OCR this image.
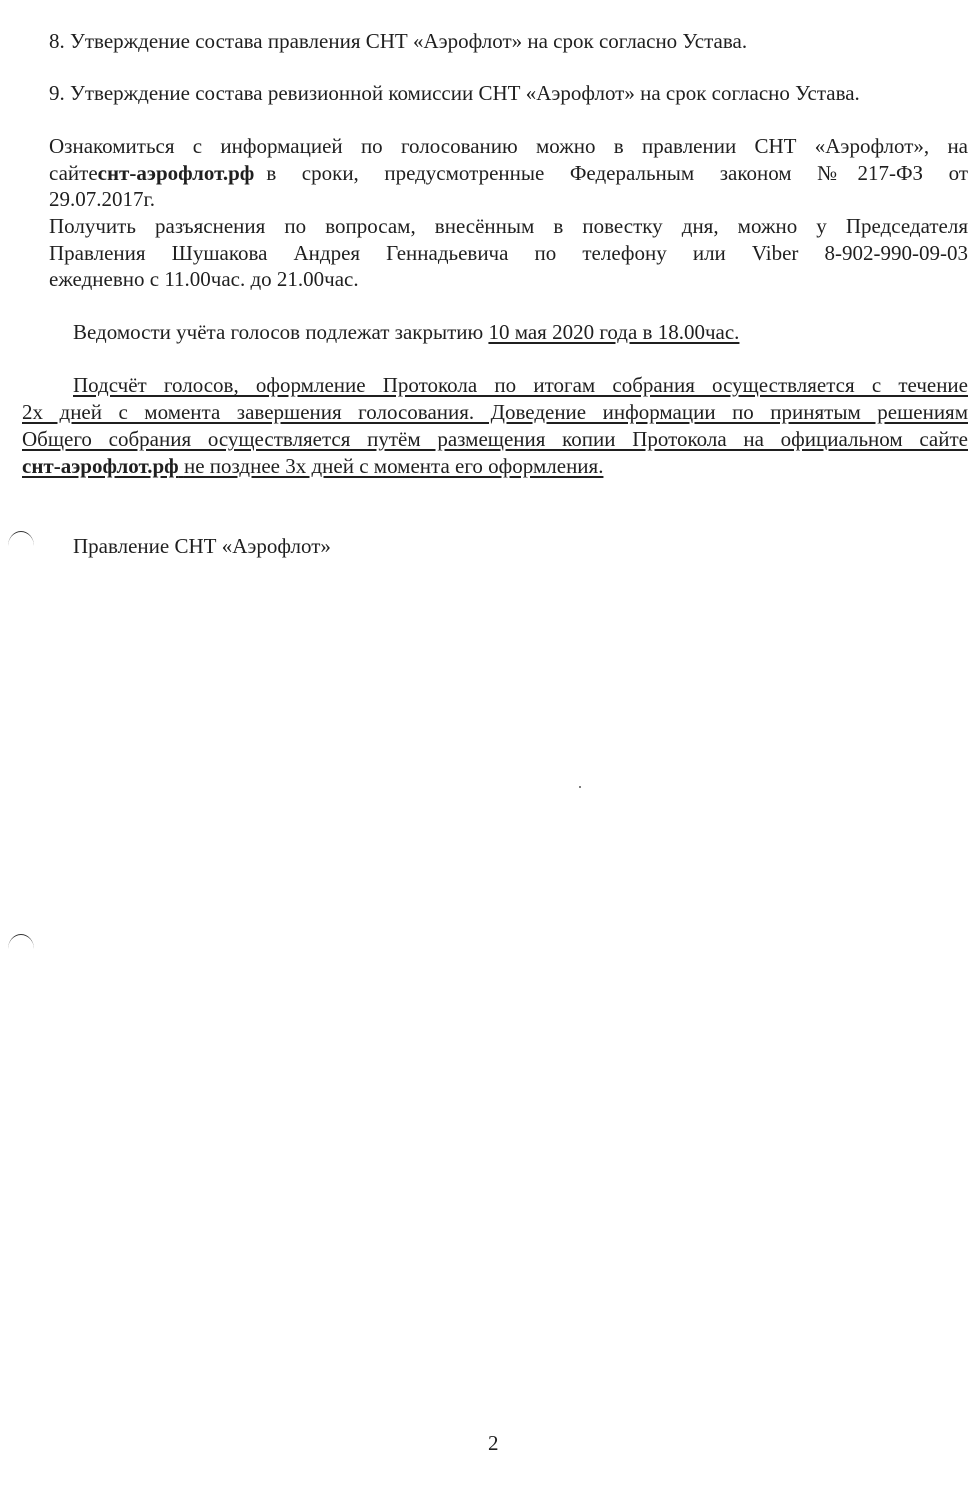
8. Утверждение состава правления СНТ «Аэрофлот» на срок согласно Устава.
9. Утверждение состава ревизионной комиссии СНТ «Аэрофлот» на срок согласно Устава.
Ознакомиться с информацией по голосованию можно в правлении СНТ «Аэрофлот», на
сайте снт-аэрофлот.рф в сроки, предусмотренные Федеральным законом №217-ФЗ от
29.07.2017г.
Получить разъяснения по вопросам, внесённым в повестку дня, можно у Председателя
Правления Шушакова Андрея Геннадьевича по телефону или Viber 8-902-990-09-03
ежедневно с 11.00час. до 21.00час.
Ведомости учёта голосов подлежат закрытию 10 мая 2020 года в 18.00час.
Подсчёт голосов, оформление Протокола по итогам собрания осуществляется с течение
2х дней с момента завершения голосования. Доведение информации по принятым решениям
Общего собрания осуществляется путём размещения копии Протокола на официальном сайте
снт-аэрофлот.рф не позднее 3х дней с момента его оформления.
Правление СНТ «Аэрофлот»
2
